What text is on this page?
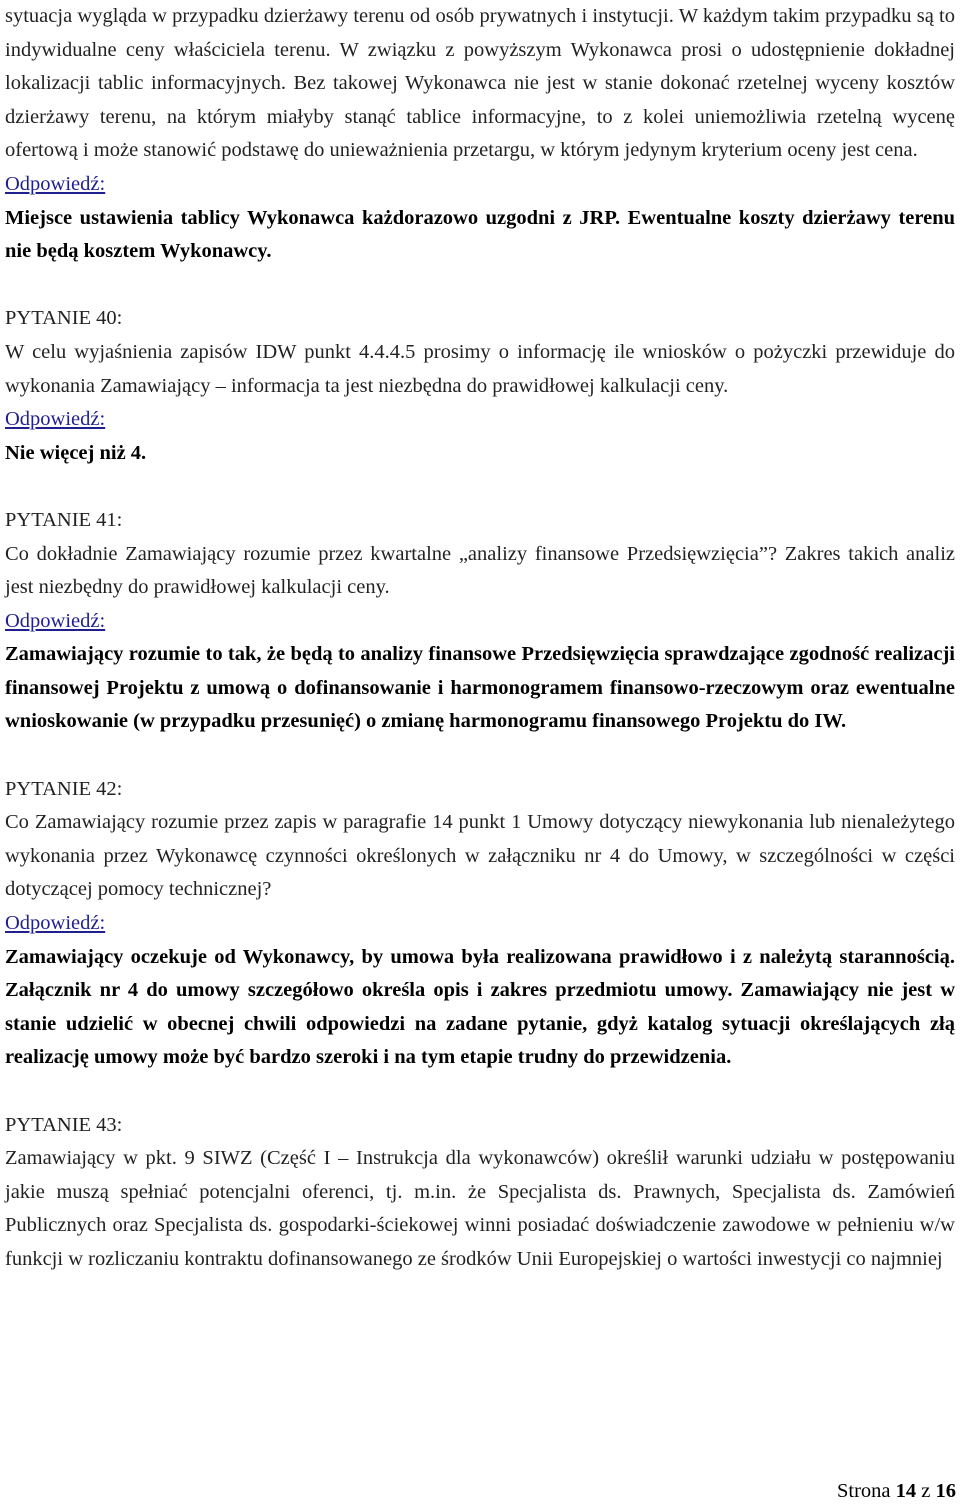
sytuacja wygląda w przypadku dzierżawy terenu od osób prywatnych i instytucji. W każdym takim przypadku są to indywidualne ceny właściciela terenu. W związku z powyższym Wykonawca prosi o udostępnienie dokładnej lokalizacji tablic informacyjnych. Bez takowej Wykonawca nie jest w stanie dokonać rzetelnej wyceny kosztów dzierżawy terenu, na którym miałyby stanąć tablice informacyjne, to z kolei uniemożliwia rzetelną wycenę ofertową i może stanowić podstawę do unieważnienia przetargu, w którym jedynym kryterium oceny jest cena.

Odpowiedź:

Miejsce ustawienia tablicy Wykonawca każdorazowo uzgodni z JRP. Ewentualne koszty dzierżawy terenu nie będą kosztem Wykonawcy.

PYTANIE 40:

W celu wyjaśnienia zapisów IDW punkt 4.4.4.5 prosimy o informację ile wniosków o pożyczki przewiduje do wykonania Zamawiający – informacja ta jest niezbędna do prawidłowej kalkulacji ceny.

Odpowiedź:

Nie więcej niż 4.

PYTANIE 41:

Co dokładnie Zamawiający rozumie przez kwartalne „analizy finansowe Przedsięwzięcia”? Zakres takich analiz jest niezbędny do prawidłowej kalkulacji ceny.

Odpowiedź:

Zamawiający rozumie to tak, że będą to analizy finansowe Przedsięwzięcia sprawdzające zgodność realizacji finansowej Projektu z umową o dofinansowanie i harmonogramem finansowo-rzeczowym oraz ewentualne wnioskowanie (w przypadku przesunięć) o zmianę harmonogramu finansowego Projektu do IW.

PYTANIE 42:

Co Zamawiający rozumie przez zapis w paragrafie 14 punkt 1 Umowy dotyczący niewykonania lub nienależytego wykonania przez Wykonawcę czynności określonych w załączniku nr 4 do Umowy, w szczególności w części dotyczącej pomocy technicznej?

Odpowiedź:

Zamawiający oczekuje od Wykonawcy, by umowa była realizowana prawidłowo i z należytą starannością. Załącznik nr 4 do umowy szczegółowo określa opis i zakres przedmiotu umowy. Zamawiający nie jest w stanie udzielić w obecnej chwili odpowiedzi na zadane pytanie, gdyż katalog sytuacji określających złą realizację umowy może być bardzo szeroki i na tym etapie trudny do przewidzenia.

PYTANIE 43:

Zamawiający w pkt. 9 SIWZ (Część I – Instrukcja dla wykonawców) określił warunki udziału w postępowaniu jakie muszą spełniać potencjalni oferenci, tj. m.in. że Specjalista ds. Prawnych, Specjalista ds. Zamówień Publicznych oraz Specjalista ds. gospodarki-ściekowej winni posiadać doświadczenie zawodowe w pełnieniu w/w funkcji w rozliczaniu kontraktu dofinansowanego ze środków Unii Europejskiej o wartości inwestycji co najmniej

Strona 14 z 16
